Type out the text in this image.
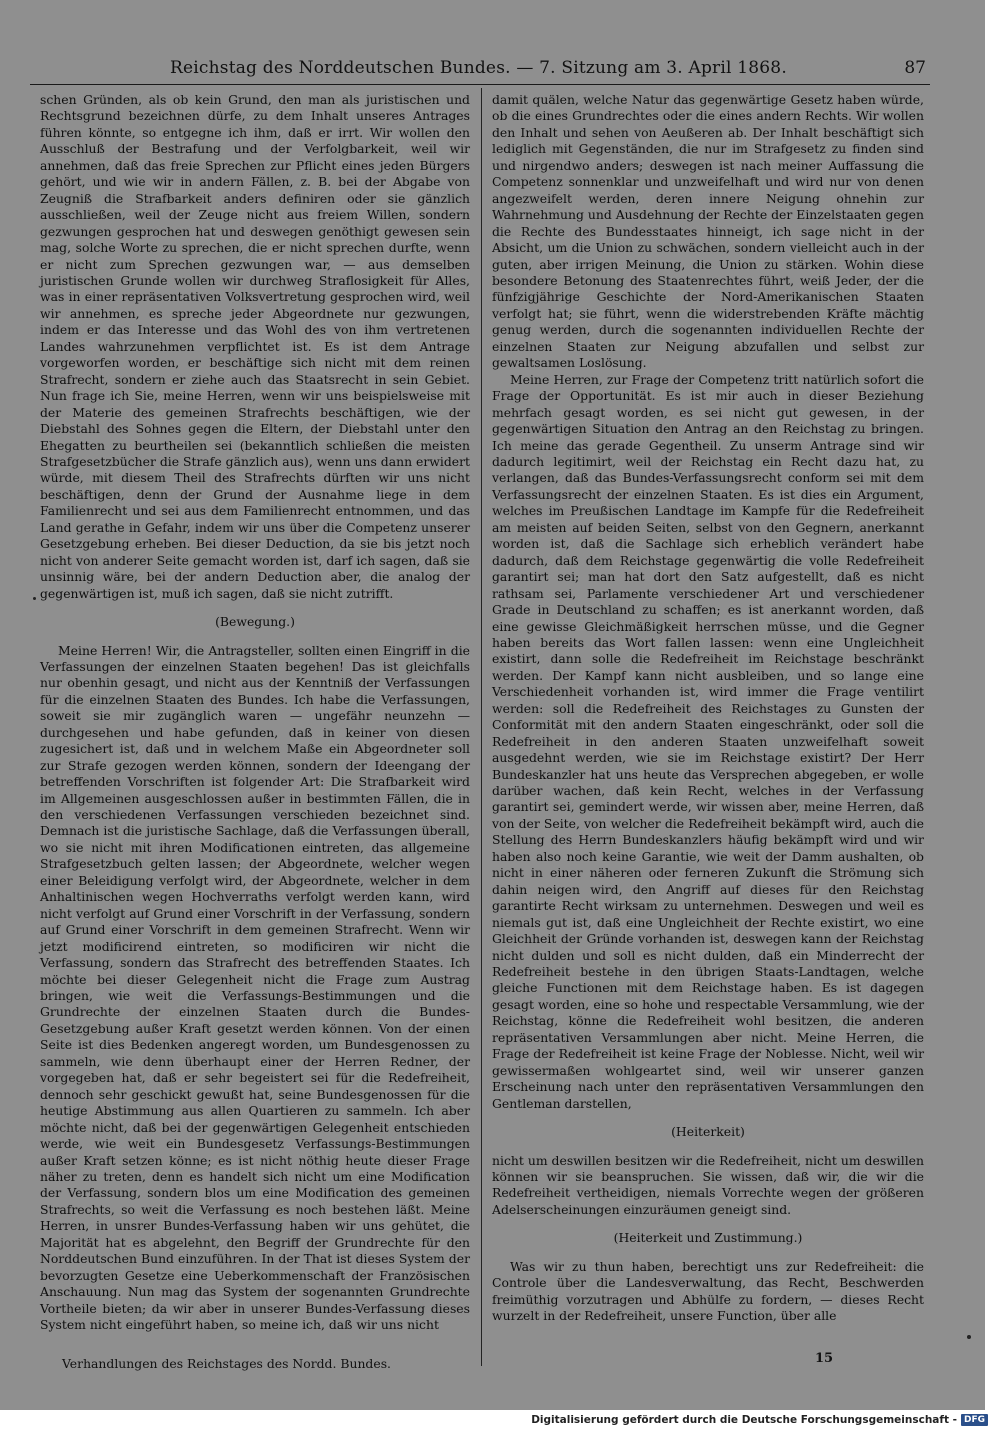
Reichstag des Norddeutschen Bundes. — 7. Sitzung am 3. April 1868.	87

schen Gründen, als ob kein Grund, den man als juristischen und Rechtsgrund bezeichnen dürfe, zu dem Inhalt unseres Antrages führen könnte, so entgegne ich ihm, daß er irrt. Wir wollen den Ausschluß der Bestrafung und der Verfolgbarkeit, weil wir annehmen, daß das freie Sprechen zur Pflicht eines jeden Bürgers gehört, und wie wir in andern Fällen, z. B. bei der Abgabe von Zeugniß die Strafbarkeit anders definiren oder sie gänzlich ausschließen, weil der Zeuge nicht aus freiem Willen, sondern gezwungen gesprochen hat und deswegen genöthigt gewesen sein mag, solche Worte zu sprechen, die er nicht sprechen durfte, wenn er nicht zum Sprechen gezwungen war, — aus demselben juristischen Grunde wollen wir durchweg Straflosigkeit für Alles, was in einer repräsentativen Volksvertretung gesprochen wird, weil wir annehmen, es spreche jeder Abgeordnete nur gezwungen, indem er das Interesse und das Wohl des von ihm vertretenen Landes wahrzunehmen verpflichtet ist. Es ist dem Antrage vorgeworfen worden, er beschäftige sich nicht mit dem reinen Strafrecht, sondern er ziehe auch das Staatsrecht in sein Gebiet. Nun frage ich Sie, meine Herren, wenn wir uns beispielsweise mit der Materie des gemeinen Strafrechts beschäftigen, wie der Diebstahl des Sohnes gegen die Eltern, der Diebstahl unter den Ehegatten zu beurtheilen sei (bekanntlich schließen die meisten Strafgesetzbücher die Strafe gänzlich aus), wenn uns dann erwidert würde, mit diesem Theil des Strafrechts dürften wir uns nicht beschäftigen, denn der Grund der Ausnahme liege in dem Familienrecht und sei aus dem Familienrecht entnommen, und das Land gerathe in Gefahr, indem wir uns über die Competenz unserer Gesetzgebung erheben. Bei dieser Deduction, da sie bis jetzt noch nicht von anderer Seite gemacht worden ist, darf ich sagen, daß sie unsinnig wäre, bei der andern Deduction aber, die analog der gegenwärtigen ist, muß ich sagen, daß sie nicht zutrifft.

(Bewegung.)

Meine Herren! Wir, die Antragsteller, sollten einen Eingriff in die Verfassungen der einzelnen Staaten begehen! Das ist gleichfalls nur obenhin gesagt, und nicht aus der Kenntniß der Verfassungen für die einzelnen Staaten des Bundes. Ich habe die Verfassungen, soweit sie mir zugänglich waren — ungefähr neunzehn — durchgesehen und habe gefunden, daß in keiner von diesen zugesichert ist, daß und in welchem Maße ein Abgeordneter soll zur Strafe gezogen werden können, sondern der Ideengang der betreffenden Vorschriften ist folgender Art: Die Strafbarkeit wird im Allgemeinen ausgeschlossen außer in bestimmten Fällen, die in den verschiedenen Verfassungen verschieden bezeichnet sind. Demnach ist die juristische Sachlage, daß die Verfassungen überall, wo sie nicht mit ihren Modificationen eintreten, das allgemeine Strafgesetzbuch gelten lassen; der Abgeordnete, welcher wegen einer Beleidigung verfolgt wird, der Abgeordnete, welcher in dem Anhaltinischen wegen Hochverraths verfolgt werden kann, wird nicht verfolgt auf Grund einer Vorschrift in der Verfassung, sondern auf Grund einer Vorschrift in dem gemeinen Strafrecht. Wenn wir jetzt modificirend eintreten, so modificiren wir nicht die Verfassung, sondern das Strafrecht des betreffenden Staates. Ich möchte bei dieser Gelegenheit nicht die Frage zum Austrag bringen, wie weit die Verfassungs-Bestimmungen und die Grundrechte der einzelnen Staaten durch die Bundes-Gesetzgebung außer Kraft gesetzt werden können. Von der einen Seite ist dies Bedenken angeregt worden, um Bundesgenossen zu sammeln, wie denn überhaupt einer der Herren Redner, der vorgegeben hat, daß er sehr begeistert sei für die Redefreiheit, dennoch sehr geschickt gewußt hat, seine Bundesgenossen für die heutige Abstimmung aus allen Quartieren zu sammeln. Ich aber möchte nicht, daß bei der gegenwärtigen Gelegenheit entschieden werde, wie weit ein Bundesgesetz Verfassungs-Bestimmungen außer Kraft setzen könne; es ist nicht nöthig heute dieser Frage näher zu treten, denn es handelt sich nicht um eine Modification der Verfassung, sondern blos um eine Modification des gemeinen Strafrechts, so weit die Verfassung es noch bestehen läßt. Meine Herren, in unsrer Bundes-Verfassung haben wir uns gehütet, die Majorität hat es abgelehnt, den Begriff der Grundrechte für den Norddeutschen Bund einzuführen. In der That ist dieses System der bevorzugten Gesetze eine Ueberkommenschaft der Französischen Anschauung. Nun mag das System der sogenannten Grundrechte Vortheile bieten; da wir aber in unserer Bundes-Verfassung dieses System nicht eingeführt haben, so meine ich, daß wir uns nicht

damit quälen, welche Natur das gegenwärtige Gesetz haben würde, ob die eines Grundrechtes oder die eines andern Rechts. Wir wollen den Inhalt und sehen von Aeußeren ab. Der Inhalt beschäftigt sich lediglich mit Gegenständen, die nur im Strafgesetz zu finden sind und nirgendwo anders; deswegen ist nach meiner Auffassung die Competenz sonnenklar und unzweifelhaft und wird nur von denen angezweifelt werden, deren innere Neigung ohnehin zur Wahrnehmung und Ausdehnung der Rechte der Einzelstaaten gegen die Rechte des Bundesstaates hinneigt, ich sage nicht in der Absicht, um die Union zu schwächen, sondern vielleicht auch in der guten, aber irrigen Meinung, die Union zu stärken. Wohin diese besondere Betonung des Staatenrechtes führt, weiß Jeder, der die fünfzigjährige Geschichte der Nord-Amerikanischen Staaten verfolgt hat; sie führt, wenn die widerstrebenden Kräfte mächtig genug werden, durch die sogenannten individuellen Rechte der einzelnen Staaten zur Neigung abzufallen und selbst zur gewaltsamen Loslösung.

Meine Herren, zur Frage der Competenz tritt natürlich sofort die Frage der Opportunität. Es ist mir auch in dieser Beziehung mehrfach gesagt worden, es sei nicht gut gewesen, in der gegenwärtigen Situation den Antrag an den Reichstag zu bringen. Ich meine das gerade Gegentheil. Zu unserm Antrage sind wir dadurch legitimirt, weil der Reichstag ein Recht dazu hat, zu verlangen, daß das Bundes-Verfassungsrecht conform sei mit dem Verfassungsrecht der einzelnen Staaten. Es ist dies ein Argument, welches im Preußischen Landtage im Kampfe für die Redefreiheit am meisten auf beiden Seiten, selbst von den Gegnern, anerkannt worden ist, daß die Sachlage sich erheblich verändert habe dadurch, daß dem Reichstage gegenwärtig die volle Redefreiheit garantirt sei; man hat dort den Satz aufgestellt, daß es nicht rathsam sei, Parlamente verschiedener Art und verschiedener Grade in Deutschland zu schaffen; es ist anerkannt worden, daß eine gewisse Gleichmäßigkeit herrschen müsse, und die Gegner haben bereits das Wort fallen lassen: wenn eine Ungleichheit existirt, dann solle die Redefreiheit im Reichstage beschränkt werden. Der Kampf kann nicht ausbleiben, und so lange eine Verschiedenheit vorhanden ist, wird immer die Frage ventilirt werden: soll die Redefreiheit des Reichstages zu Gunsten der Conformität mit den andern Staaten eingeschränkt, oder soll die Redefreiheit in den anderen Staaten unzweifelhaft soweit ausgedehnt werden, wie sie im Reichstage existirt? Der Herr Bundeskanzler hat uns heute das Versprechen abgegeben, er wolle darüber wachen, daß kein Recht, welches in der Verfassung garantirt sei, gemindert werde, wir wissen aber, meine Herren, daß von der Seite, von welcher die Redefreiheit bekämpft wird, auch die Stellung des Herrn Bundeskanzlers häufig bekämpft wird und wir haben also noch keine Garantie, wie weit der Damm aushalten, ob nicht in einer näheren oder ferneren Zukunft die Strömung sich dahin neigen wird, den Angriff auf dieses für den Reichstag garantirte Recht wirksam zu unternehmen. Deswegen und weil es niemals gut ist, daß eine Ungleichheit der Rechte existirt, wo eine Gleichheit der Gründe vorhanden ist, deswegen kann der Reichstag nicht dulden und soll es nicht dulden, daß ein Minderrecht der Redefreiheit bestehe in den übrigen Staats-Landtagen, welche gleiche Functionen mit dem Reichstage haben. Es ist dagegen gesagt worden, eine so hohe und respectable Versammlung, wie der Reichstag, könne die Redefreiheit wohl besitzen, die anderen repräsentativen Versammlungen aber nicht. Meine Herren, die Frage der Redefreiheit ist keine Frage der Noblesse. Nicht, weil wir gewissermaßen wohlgeartet sind, weil wir unserer ganzen Erscheinung nach unter den repräsentativen Versammlungen den Gentleman darstellen,

(Heiterkeit)

nicht um deswillen besitzen wir die Redefreiheit, nicht um deswillen können wir sie beanspruchen. Sie wissen, daß wir, die wir die Redefreiheit vertheidigen, niemals Vorrechte wegen der größeren Adelserscheinungen einzuräumen geneigt sind.

(Heiterkeit und Zustimmung.)

Was wir zu thun haben, berechtigt uns zur Redefreiheit: die Controle über die Landesverwaltung, das Recht, Beschwerden freimüthig vorzutragen und Abhülfe zu fordern, — dieses Recht wurzelt in der Redefreiheit, unsere Function, über alle

Verhandlungen des Reichstages des Nordd. Bundes.	15
Digitalisierung gefördert durch die Deutsche Forschungsgemeinschaft - DFG
